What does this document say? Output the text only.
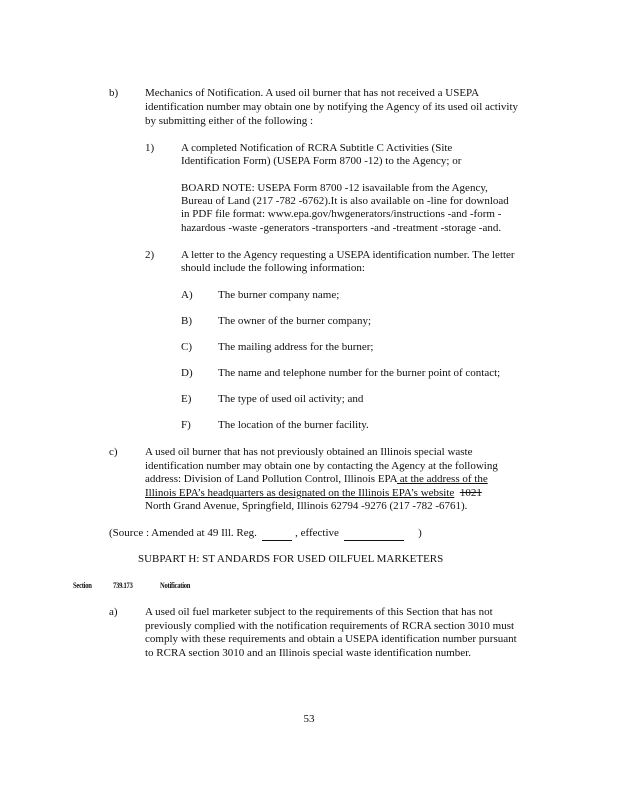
b) Mechanics of Notification. A used oil burner that has not received a USEPA
identification number may obtain one by notifying the Agency of its used oil activity
by submitting either of the following :
1) A completed Notification of RCRA Subtitle C Activities (Site
Identification Form) (USEPA Form 8700 -12) to the Agency; or
BOARD NOTE: USEPA Form 8700 -12 isavailable from the Agency,
Bureau of Land (217 -782 -6762).It is also available on -line for download
in PDF file format: www.epa.gov/hwgenerators/instructions -and -form -
hazardous -waste -generators -transporters -and -treatment -storage -and.
2) A letter to the Agency requesting a USEPA identification number. The letter
should include the following information:
A) The burner company name;
B) The owner of the burner company;
C) The mailing address for the burner;
D) The name and telephone number for the burner point of contact;
E) The type of used oil activity; and
F) The location of the burner facility.
c) A used oil burner that has not previously obtained an Illinois special waste
identification number may obtain one by contacting the Agency at the following
address: Division of Land Pollution Control, Illinois EPA at the address of the
Illinois EPA’s headquarters as designated on the Illinois EPA’s website 1021
North Grand Avenue, Springfield, Illinois 62794 -9276 (217 -782 -6761).
(Source : Amended at 49 Ill. Reg.	, effective	)
SUBPART H: ST ANDARDS FOR USED OILFUEL MARKETERS
Section	739.173	Notification
a) A used oil fuel marketer subject to the requirements of this Section that has not
previously complied with the notification requirements of RCRA section 3010 must
comply with these requirements and obtain a USEPA identification number pursuant
to RCRA section 3010 and an Illinois special waste identification number.
53
